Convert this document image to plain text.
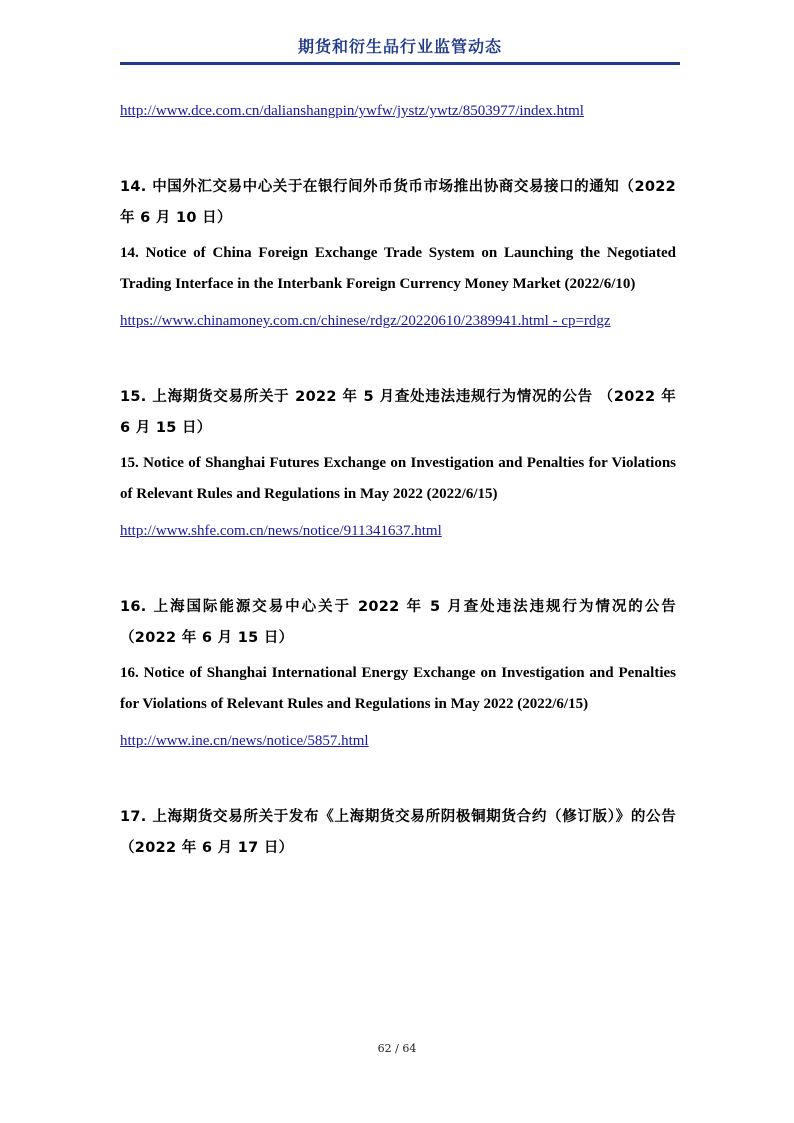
期货和衍生品行业监管动态
http://www.dce.com.cn/dalianshangpin/ywfw/jystz/ywtz/8503977/index.html
14. 中国外汇交易中心关于在银行间外币货币市场推出协商交易接口的通知（2022 年 6 月 10 日）
14. Notice of China Foreign Exchange Trade System on Launching the Negotiated Trading Interface in the Interbank Foreign Currency Money Market (2022/6/10)
https://www.chinamoney.com.cn/chinese/rdgz/20220610/2389941.html - cp=rdgz
15. 上海期货交易所关于 2022 年 5 月查处违法违规行为情况的公告 （2022 年 6 月 15 日）
15. Notice of Shanghai Futures Exchange on Investigation and Penalties for Violations of Relevant Rules and Regulations in May 2022 (2022/6/15)
http://www.shfe.com.cn/news/notice/911341637.html
16. 上海国际能源交易中心关于 2022 年 5 月查处违法违规行为情况的公告（2022 年 6 月 15 日）
16. Notice of Shanghai International Energy Exchange on Investigation and Penalties for Violations of Relevant Rules and Regulations in May 2022 (2022/6/15)
http://www.ine.cn/news/notice/5857.html
17. 上海期货交易所关于发布《上海期货交易所阴极铜期货合约（修订版）》的公告 （2022 年 6 月 17 日）
62 / 64
